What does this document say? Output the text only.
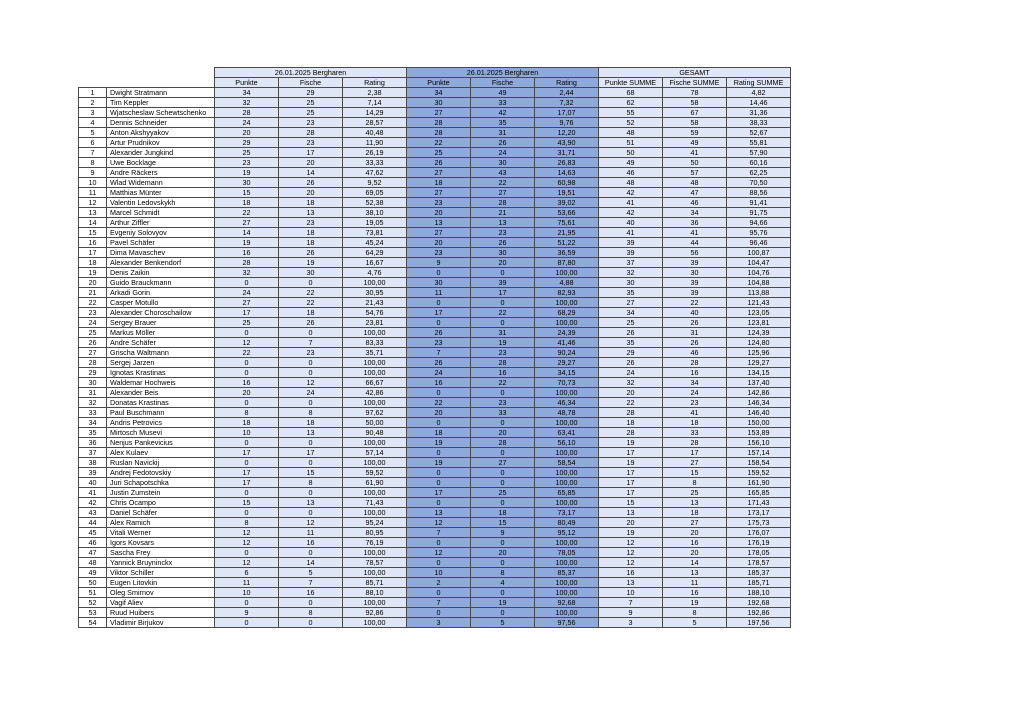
		26.01.2025 Bergharen			26.01.2025 Bergharen			GESAMT		
		Punkte	Fische	Rating	Punkte	Fische	Rating	Punkte SUMME	Fische SUMME	Rating SUMME
1	Dwight Stratmann	34	29	2,38	34	49	2,44	68	78	4,82
2	Tim Keppler	32	25	7,14	30	33	7,32	62	58	14,46
3	Wjatscheslaw Schewtschenko	28	25	14,29	27	42	17,07	55	67	31,36
4	Dennis Schneider	24	23	28,57	28	35	9,76	52	58	38,33
5	Anton Akshyyakov	20	28	40,48	28	31	12,20	48	59	52,67
6	Artur Prudnikov	29	23	11,90	22	26	43,90	51	49	55,81
7	Alexander Jungkind	25	17	26,19	25	24	31,71	50	41	57,90
8	Uwe Bocklage	23	20	33,33	26	30	26,83	49	50	60,16
9	Andre Räckers	19	14	47,62	27	43	14,63	46	57	62,25
10	Wlad Widemann	30	26	9,52	18	22	60,98	48	48	70,50
11	Matthias Münter	15	20	69,05	27	27	19,51	42	47	88,56
12	Valentin Ledovskykh	18	18	52,38	23	28	39,02	41	46	91,41
13	Marcel Schmidt	22	13	38,10	20	21	53,66	42	34	91,75
14	Arthur Ziffler	27	23	19,05	13	13	75,61	40	36	94,66
15	Evgeniy Solovyov	14	18	73,81	27	23	21,95	41	41	95,76
16	Pavel Schäfer	19	18	45,24	20	26	51,22	39	44	96,46
17	Dima Mavaschev	16	26	64,29	23	30	36,59	39	56	100,87
18	Alexander Benkendorf	28	19	16,67	9	20	87,80	37	39	104,47
19	Denis Zaikin	32	30	4,76	0	0	100,00	32	30	104,76
20	Guido Brauckmann	0	0	100,00	30	39	4,88	30	39	104,88
21	Arkadi Gorin	24	22	30,95	11	17	82,93	35	39	113,88
22	Casper Motullo	27	22	21,43	0	0	100,00	27	22	121,43
23	Alexander Choroschailow	17	18	54,76	17	22	68,29	34	40	123,05
24	Sergey Brauer	25	26	23,81	0	0	100,00	25	26	123,81
25	Markus Möller	0	0	100,00	26	31	24,39	26	31	124,39
26	Andre Schäfer	12	7	83,33	23	19	41,46	35	26	124,80
27	Grischa Waltmann	22	23	35,71	7	23	90,24	29	46	125,96
28	Sergej Jarzen	0	0	100,00	26	28	29,27	26	28	129,27
29	Ignotas Krastinas	0	0	100,00	24	16	34,15	24	16	134,15
30	Waldemar Hochweis	16	12	66,67	16	22	70,73	32	34	137,40
31	Alexander Beis	20	24	42,86	0	0	100,00	20	24	142,86
32	Donatas Krastinas	0	0	100,00	22	23	46,34	22	23	146,34
33	Paul Buschmann	8	8	97,62	20	33	48,78	28	41	146,40
34	Andris Petrovics	18	18	50,00	0	0	100,00	18	18	150,00
35	Mirtosch Musevi	10	13	90,48	18	20	63,41	28	33	153,89
36	Nenjus Pankevicius	0	0	100,00	19	28	56,10	19	28	156,10
37	Alex Kulaev	17	17	57,14	0	0	100,00	17	17	157,14
38	Ruslan Navickij	0	0	100,00	19	27	58,54	19	27	158,54
39	Andrej Fedotovskiy	17	15	59,52	0	0	100,00	17	15	159,52
40	Juri Schapotschka	17	8	61,90	0	0	100,00	17	8	161,90
41	Justin Zumstein	0	0	100,00	17	25	65,85	17	25	165,85
42	Chris Ocampo	15	13	71,43	0	0	100,00	15	13	171,43
43	Daniel Schäfer	0	0	100,00	13	18	73,17	13	18	173,17
44	Alex Ramich	8	12	95,24	12	15	80,49	20	27	175,73
45	Vitali Werner	12	11	80,95	7	9	95,12	19	20	176,07
46	Igors Kovsars	12	16	76,19	0	0	100,00	12	16	176,19
47	Sascha Frey	0	0	100,00	12	20	78,05	12	20	178,05
48	Yannick Bruyninckx	12	14	78,57	0	0	100,00	12	14	178,57
49	Viktor Schiller	6	5	100,00	10	8	85,37	16	13	185,37
50	Eugen Litovkin	11	7	85,71	2	4	100,00	13	11	185,71
51	Oleg Smirnov	10	16	88,10	0	0	100,00	10	16	188,10
52	Vagif Aliev	0	0	100,00	7	19	92,68	7	19	192,68
53	Ruud Huibers	9	8	92,86	0	0	100,00	9	8	192,86
54	Vladimir Birjukov	0	0	100,00	3	5	97,56	3	5	197,56
